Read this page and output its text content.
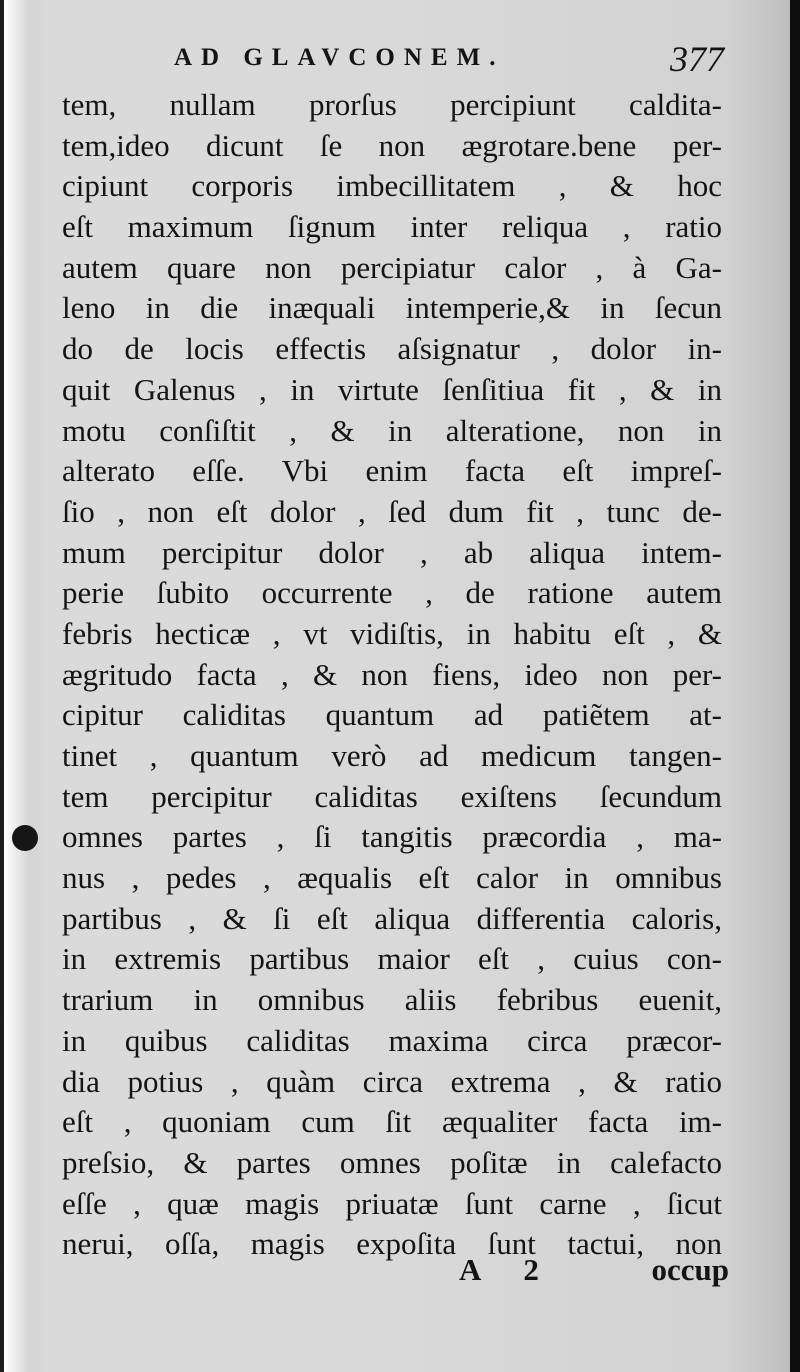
AD GLAVCONEM.	377
tem, nullam prorſus percipiunt caldita-
tem,ideo dicunt ſe non ægrotare.bene per-
cipiunt corporis imbecillitatem , & hoc
eſt maximum ſignum inter reliqua , ratio
autem quare non percipiatur calor , à Ga-
leno in die inæquali intemperie,& in ſecun
do de locis effectis aſsignatur , dolor in-
quit Galenus , in virtute ſenſitiua fit , & in
motu conſiſtit , & in alteratione, non in
alterato eſſe. Vbi enim facta eſt impreſ-
ſio , non eſt dolor , ſed dum fit , tunc de-
mum percipitur dolor , ab aliqua intem-
perie ſubito occurrente , de ratione autem
febris hecticæ , vt vidiſtis, in habitu eſt , &
ægritudo facta , & non fiens, ideo non per-
cipitur caliditas quantum ad patiẽtem at-
tinet , quantum verò ad medicum tangen-
tem percipitur caliditas exiſtens ſecundum
omnes partes , ſi tangitis præcordia , ma-
nus , pedes , æqualis eſt calor in omnibus
partibus , & ſi eſt aliqua differentia caloris,
in extremis partibus maior eſt , cuius con-
trarium in omnibus aliis febribus euenit,
in quibus caliditas maxima circa præcor-
dia potius , quàm circa extrema , & ratio
eſt , quoniam cum ſit æqualiter facta im-
preſsio, & partes omnes poſitæ in calefacto
eſſe , quæ magis priuatæ ſunt carne , ſicut
nerui, oſſa, magis expoſita ſunt tactui, non
A 2	occup
